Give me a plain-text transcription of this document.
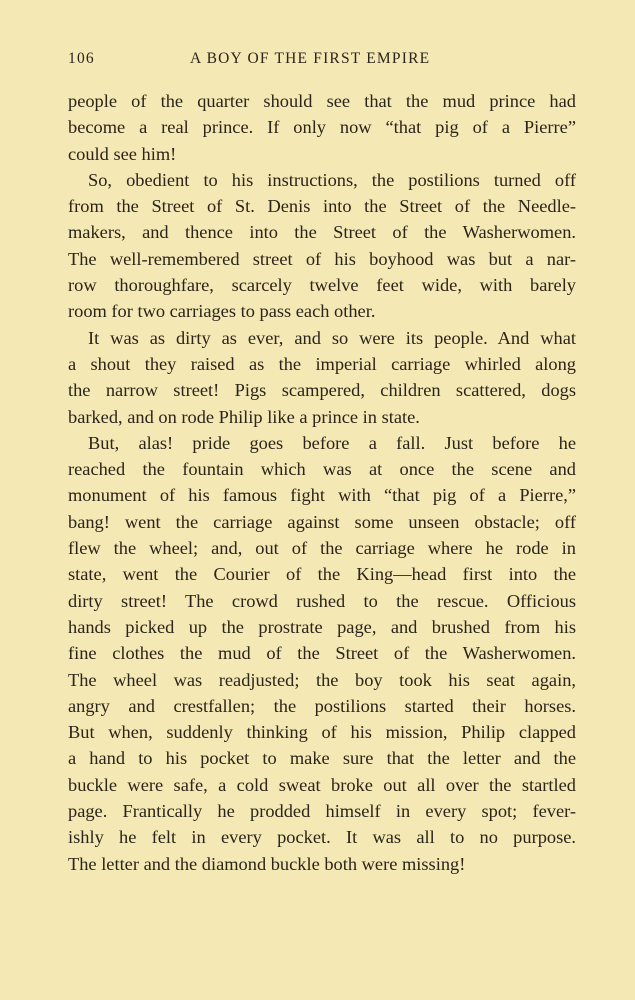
106	A BOY OF THE FIRST EMPIRE
people of the quarter should see that the mud prince had
become a real prince. If only now “that pig of a Pierre”
could see him!
So, obedient to his instructions, the postilions turned off
from the Street of St. Denis into the Street of the Needle-
makers, and thence into the Street of the Washerwomen.
The well-remembered street of his boyhood was but a nar-
row thoroughfare, scarcely twelve feet wide, with barely
room for two carriages to pass each other.
It was as dirty as ever, and so were its people. And what
a shout they raised as the imperial carriage whirled along
the narrow street! Pigs scampered, children scattered, dogs
barked, and on rode Philip like a prince in state.
But, alas! pride goes before a fall. Just before he
reached the fountain which was at once the scene and
monument of his famous fight with “that pig of a Pierre,”
bang! went the carriage against some unseen obstacle; off
flew the wheel; and, out of the carriage where he rode in
state, went the Courier of the King—head first into the
dirty street! The crowd rushed to the rescue. Officious
hands picked up the prostrate page, and brushed from his
fine clothes the mud of the Street of the Washerwomen.
The wheel was readjusted; the boy took his seat again,
angry and crestfallen; the postilions started their horses.
But when, suddenly thinking of his mission, Philip clapped
a hand to his pocket to make sure that the letter and the
buckle were safe, a cold sweat broke out all over the startled
page. Frantically he prodded himself in every spot; fever-
ishly he felt in every pocket. It was all to no purpose.
The letter and the diamond buckle both were missing!
